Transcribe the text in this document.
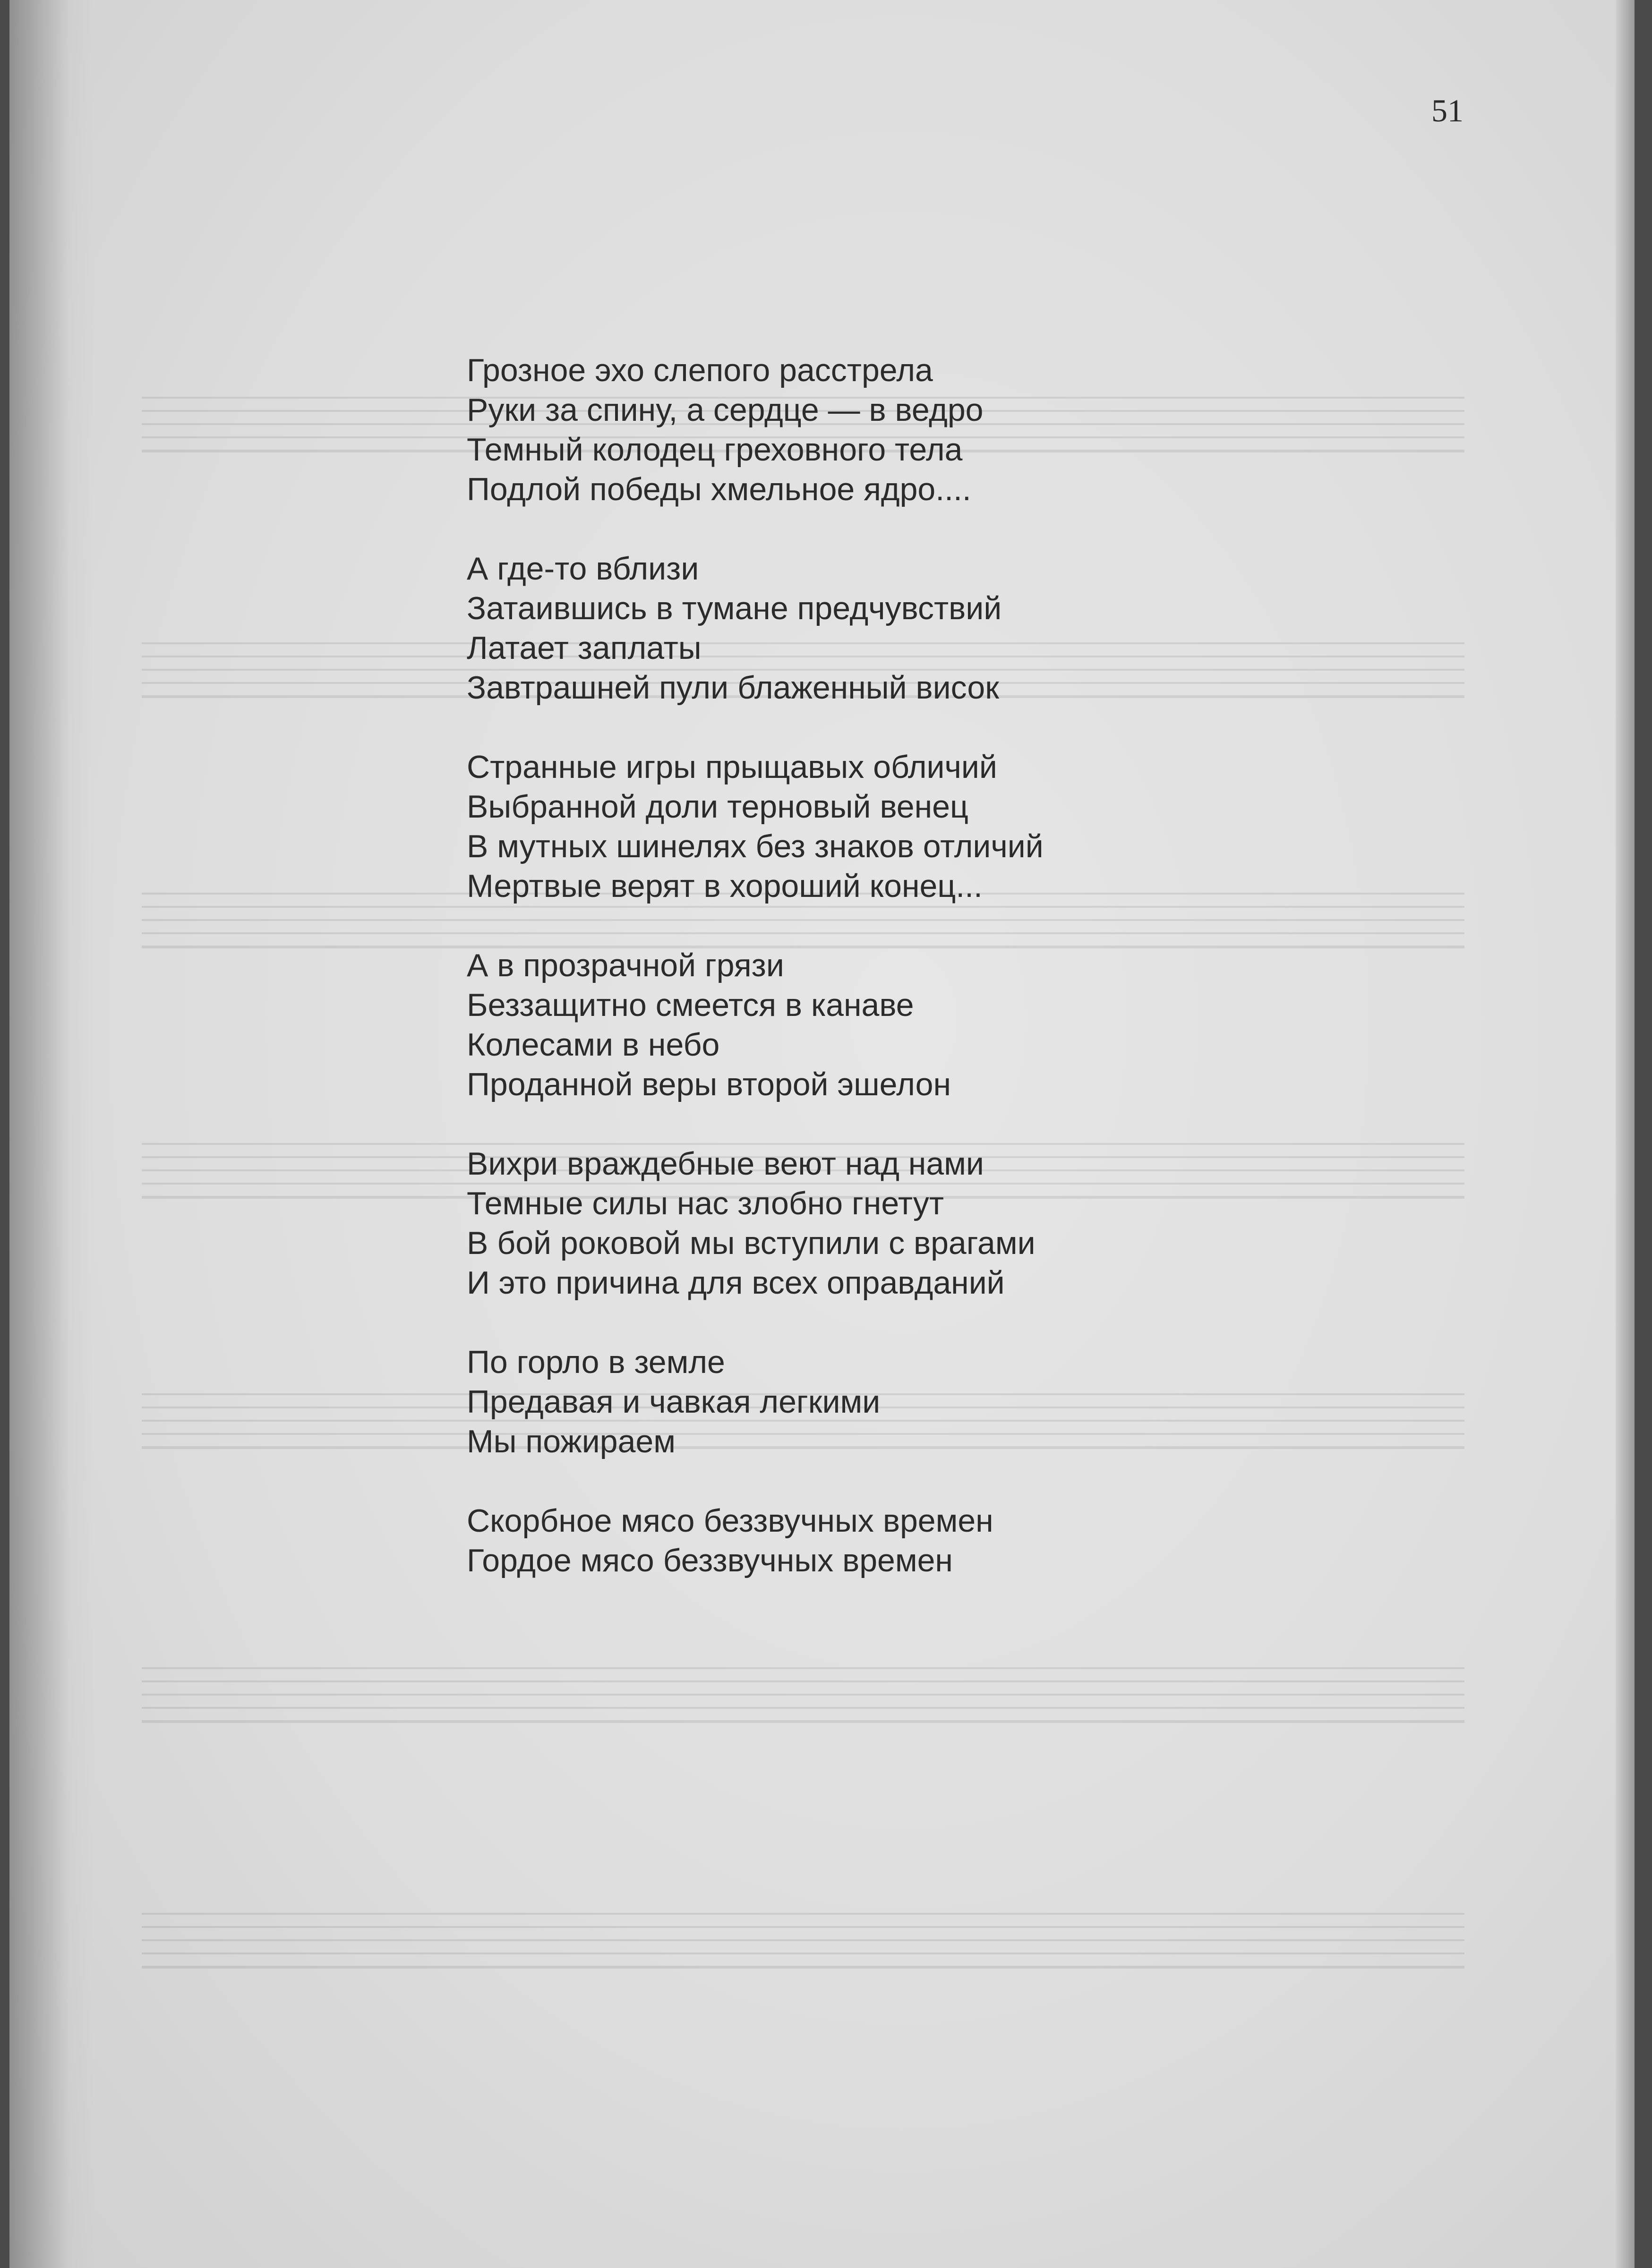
51

Грозное эхо слепого расстрела
Руки за спину, а сердце — в ведро
Темный колодец греховного тела
Подлой победы хмельное ядро....
А где-то вблизи
Затаившись в тумане предчувствий
Латает заплаты
Завтрашней пули блаженный висок
Странные игры прыщавых обличий
Выбранной доли терновый венец
В мутных шинелях без знаков отличий
Мертвые верят в хороший конец...
А в прозрачной грязи
Беззащитно смеется в канаве
Колесами в небо
Проданной веры второй эшелон
Вихри враждебные веют над нами
Темные силы нас злобно гнетут
В бой роковой мы вступили с врагами
И это причина для всех оправданий
По горло в земле
Предавая и чавкая легкими
Мы пожираем
Скорбное мясо беззвучных времен
Гордое мясо беззвучных времен
